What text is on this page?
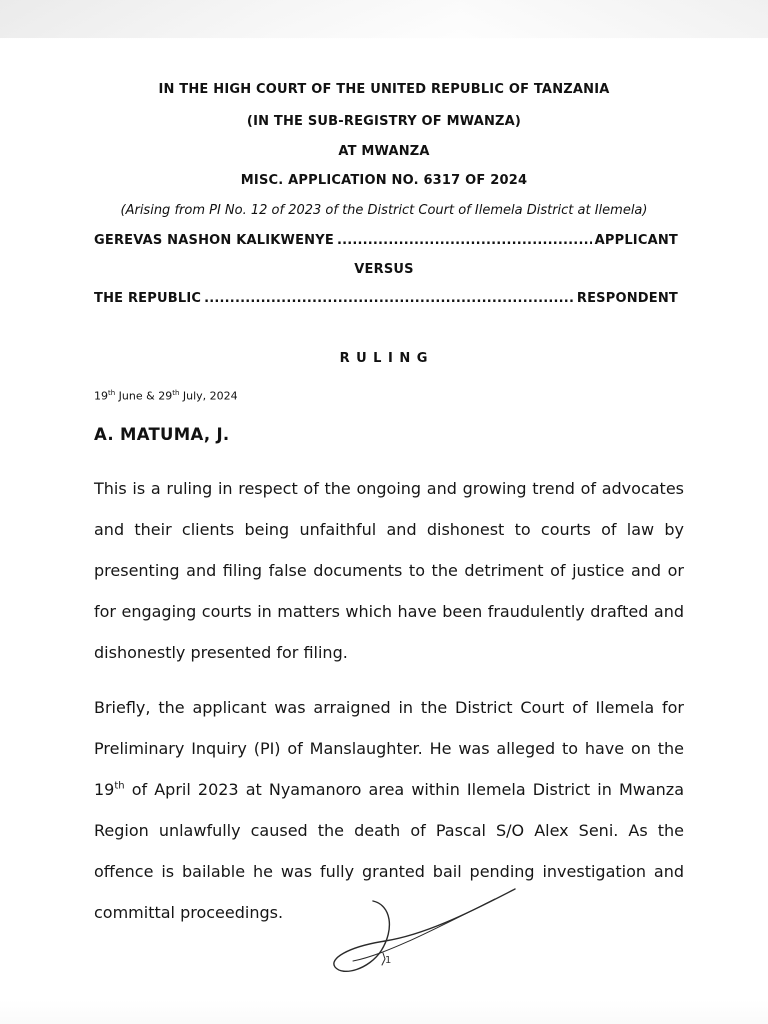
IN THE HIGH COURT OF THE UNITED REPUBLIC OF TANZANIA
(IN THE SUB-REGISTRY OF MWANZA)
AT MWANZA
MISC. APPLICATION NO. 6317 OF 2024
(Arising from PI No. 12 of 2023 of the District Court of Ilemela District at Ilemela)
GEREVAS NASHON KALIKWENYE .....	APPLICANT
VERSUS
THE REPUBLIC .....	RESPONDENT
R U L I N G
19th June & 29th July, 2024
A. MATUMA, J.
This is a ruling in respect of the ongoing and growing trend of advocates and their clients being unfaithful and dishonest to courts of law by presenting and filing false documents to the detriment of justice and or for engaging courts in matters which have been fraudulently drafted and dishonestly presented for filing.
Briefly, the applicant was arraigned in the District Court of Ilemela for Preliminary Inquiry (PI) of Manslaughter. He was alleged to have on the 19th of April 2023 at Nyamanoro area within Ilemela District in Mwanza Region unlawfully caused the death of Pascal S/O Alex Seni. As the offence is bailable he was fully granted bail pending investigation and committal proceedings.
1
